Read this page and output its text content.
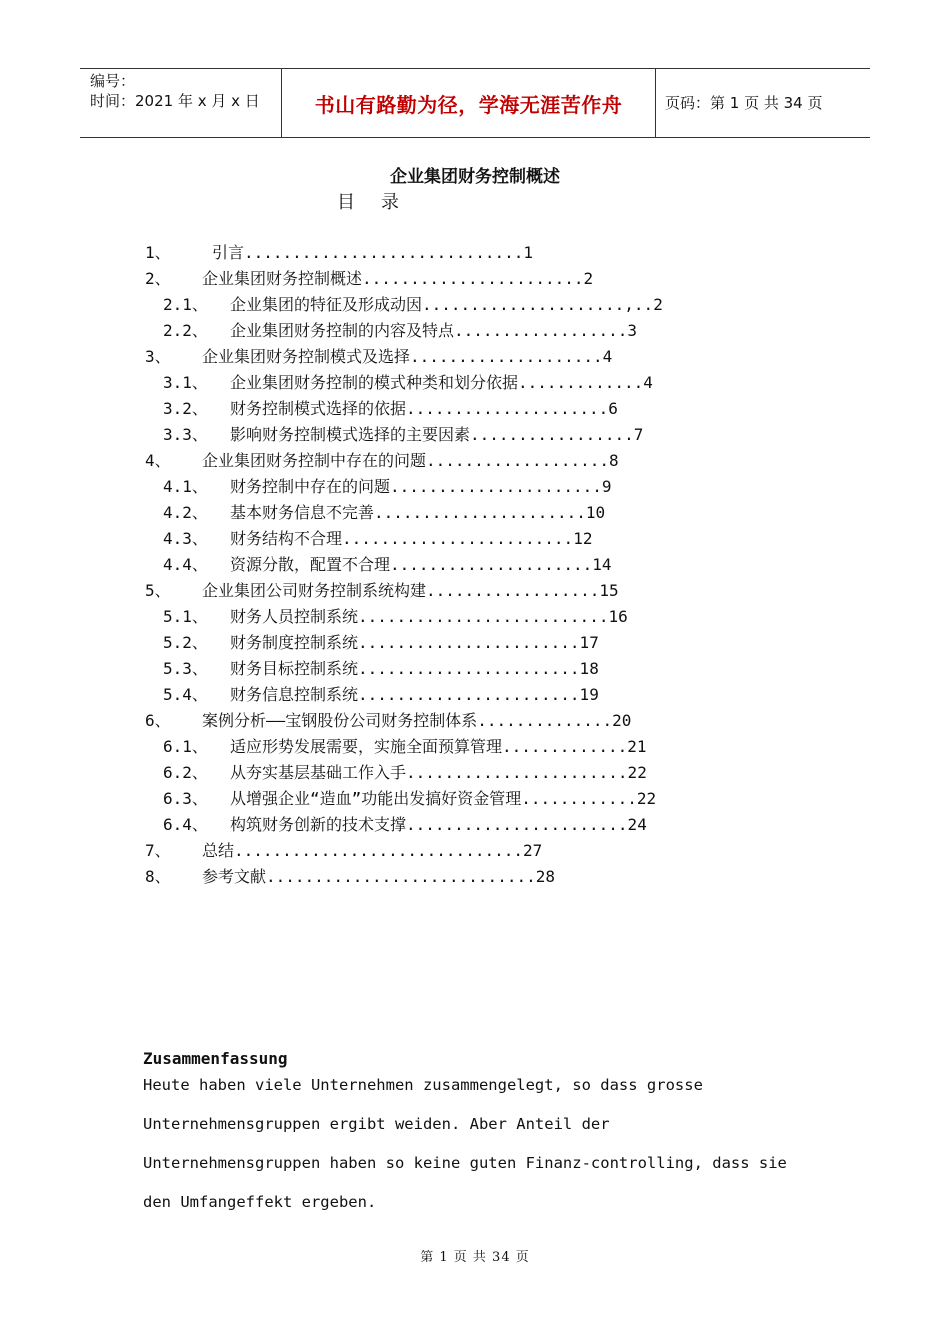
编号：
时间：2021 年 x 月 x 日	书山有路勤为径，学海无涯苦作舟	页码：第 1 页 共 34 页
企业集团财务控制概述
目录
1、	引言.............................1
2、 企业集团财务控制概述.......................2
2.1、 企业集团的特征及形成动因.....................,..2
2.2、 企业集团财务控制的内容及特点..................3
3、 企业集团财务控制模式及选择....................4
3.1、 企业集团财务控制的模式种类和划分依据.............4
3.2、 财务控制模式选择的依据.....................6
3.3、 影响财务控制模式选择的主要因素.................7
4、 企业集团财务控制中存在的问题...................8
4.1、 财务控制中存在的问题......................9
4.2、 基本财务信息不完善......................10
4.3、 财务结构不合理........................12
4.4、 资源分散，配置不合理.....................14
5、 企业集团公司财务控制系统构建..................15
5.1、 财务人员控制系统..........................16
5.2、 财务制度控制系统.......................17
5.3、 财务目标控制系统.......................18
5.4、 财务信息控制系统.......................19
6、 案例分析——宝钢股份公司财务控制体系..............20
6.1、 适应形势发展需要，实施全面预算管理.............21
6.2、 从夯实基层基础工作入手.......................22
6.3、 从增强企业“造血”功能出发搞好资金管理............22
6.4、 构筑财务创新的技术支撑.......................24
7、 总结..............................27
8、 参考文献............................28
Zusammenfassung
Heute haben viele Unternehmen zusammengelegt, so dass grosse
Unternehmensgruppen ergibt weiden. Aber Anteil der
Unternehmensgruppen haben so keine guten Finanz-controlling, dass sie
den Umfangeffekt ergeben.
第 1 页 共 34 页
